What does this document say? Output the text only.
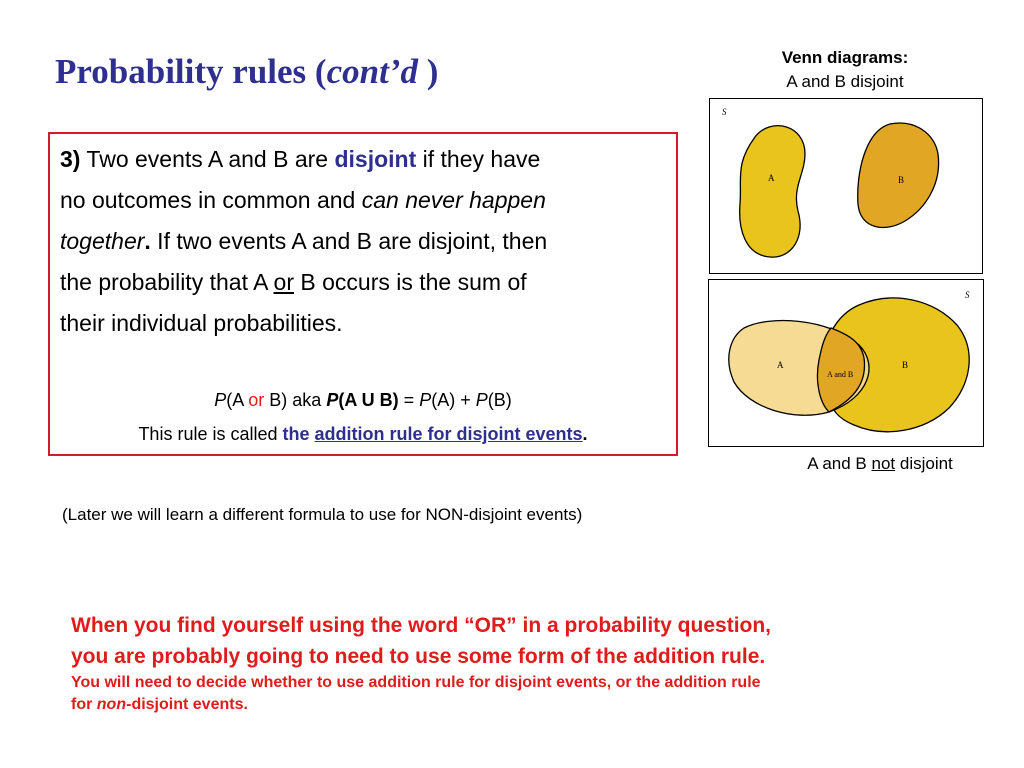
Probability rules (cont’d )
3) Two events A and B are disjoint if they have
no outcomes in common and can never happen
together. If two events A and B are disjoint, then
the probability that A or B occurs is the sum of
their individual probabilities.
P(A or B) aka P(A U B) = P(A) + P(B)
This rule is called the addition rule for disjoint events.
(Later we will learn a different formula to use for NON-disjoint events)
When you find yourself using the word “OR” in a probability question,
you are probably going to need to use some form of the addition rule.
You will need to decide whether to use addition rule for disjoint events, or the addition rule
for non-disjoint events.
Venn diagrams:
A and B disjoint
S
A	B
S
A	B
A and B
A and B not disjoint
